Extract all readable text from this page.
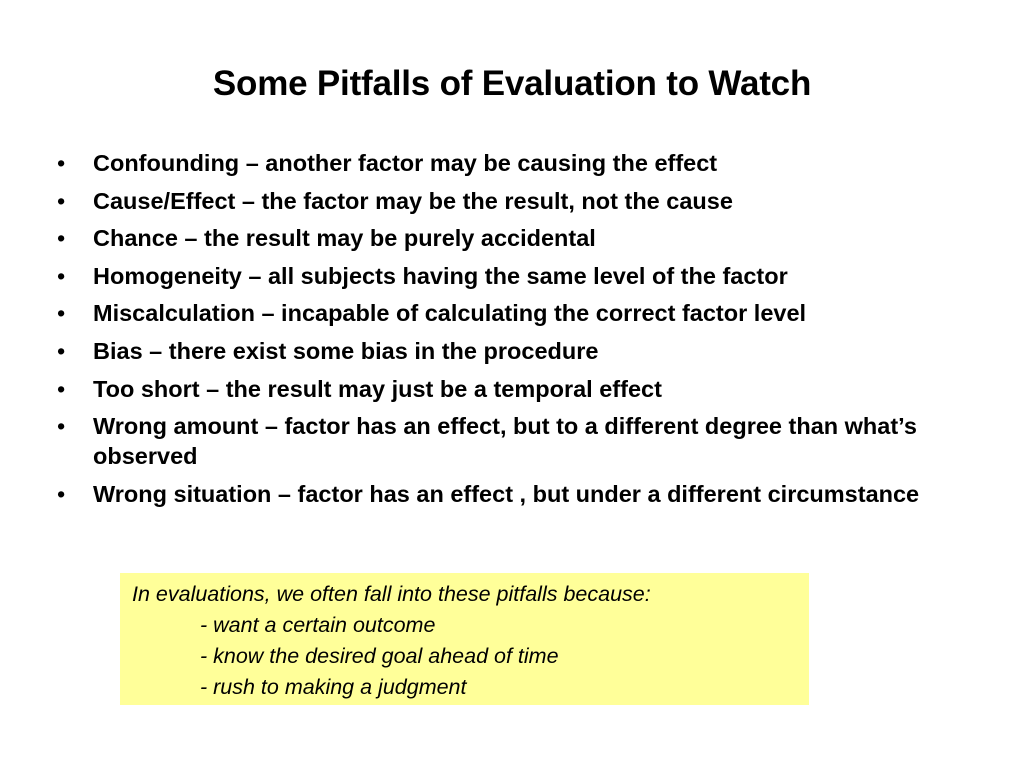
Some Pitfalls of Evaluation to Watch
•	Confounding – another factor may be causing the effect
•	Cause/Effect – the factor may be the result, not the cause
•	Chance – the result may be purely accidental
•	Homogeneity – all subjects having the same level of the factor
•	Miscalculation – incapable of calculating the correct factor level
•	Bias – there exist some bias in the procedure
•	Too short – the result may just be a temporal effect
•	Wrong amount – factor has an effect, but to a different degree than what’s observed
•	Wrong situation – factor has an effect , but under a different circumstance
In evaluations, we often fall into these pitfalls because:
- want a certain outcome
- know the desired goal ahead of time
- rush to making a judgment
